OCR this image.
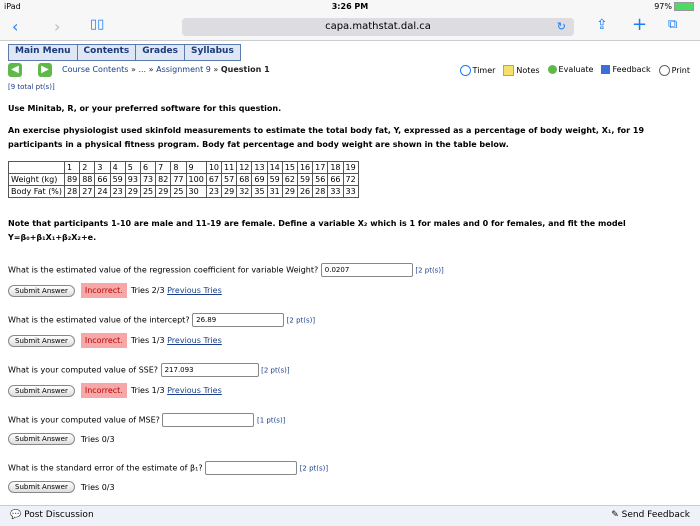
iPad	3:26 PM	97%
‹ › ▯▯	capa.mathstat.dal.ca	↻ ⇪ + ⧉
Main Menu	Contents	Grades	Syllabus
◀	▶	Course Contents » ... » Assignment 9 » Question 1	Timer	Notes	Evaluate	Feedback	Print
[9 total pt(s)]
Use Minitab, R, or your preferred software for this question.
An exercise physiologist used skinfold measurements to estimate the total body fat, Y, expressed as a percentage of body weight, X₁, for 19 participants in a physical fitness program. Body fat percentage and body weight are shown in the table below.
	1	2	3	4	5	6	7	8	9	10	11	12	13	14	15	16	17	18	19
Weight (kg)	89	88	66	59	93	73	82	77	100	67	57	68	69	59	62	59	56	66	72
Body Fat (%)	28	27	24	23	29	25	29	25	30	23	29	32	35	31	29	26	28	33	33
Note that participants 1-10 are male and 11-19 are female. Define a variable X₂ which is 1 for males and 0 for females, and fit the model Y=β₀+β₁X₁+β₂X₂+e.
What is the estimated value of the regression coefficient for variable Weight? 0.0207	[2 pt(s)]
Submit Answer	Incorrect.	Tries 2/3
Previous Tries
What is the estimated value of the intercept? 26.89	[2 pt(s)]
Submit Answer	Incorrect.	Tries 1/3
Previous Tries
What is your computed value of SSE? 217.093	[2 pt(s)]
Submit Answer	Incorrect.	Tries 1/3
Previous Tries
What is your computed value of MSE?	[1 pt(s)]
Submit Answer	Tries 0/3
What is the standard error of the estimate of β₁?	[2 pt(s)]
Submit Answer	Tries 0/3
💬 Post Discussion	✎ Send Feedback
